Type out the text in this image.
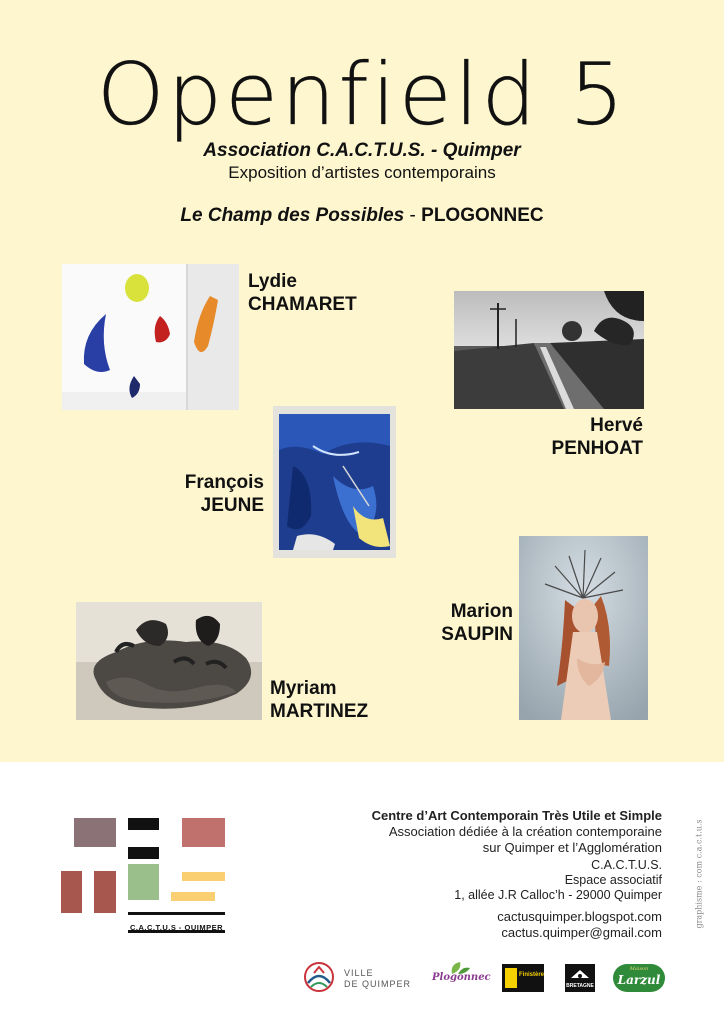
Openfield 5
Association C.A.C.T.U.S. - Quimper
Exposition d’artistes contemporains
Le Champ des Possibles - PLOGONNEC
Lydie
CHAMARET
Hervé
PENHOAT
François
JEUNE
Marion
SAUPIN
Myriam
MARTINEZ
C.A.C.T.U.S - QUIMPER
Centre d’Art Contemporain Très Utile et Simple
Association dédiée à la création contemporaine
sur Quimper et l’Agglomération
C.A.C.T.U.S.
Espace associatif
1, allée J.R Calloc’h - 29000 Quimper
cactusquimper.blogspot.com
cactus.quimper@gmail.com
graphisme : com c.a.c.t.u.s
VILLE
DE QUIMPER
Plogonnec	Finistère
BRETAGNE
Maison
Larzul
